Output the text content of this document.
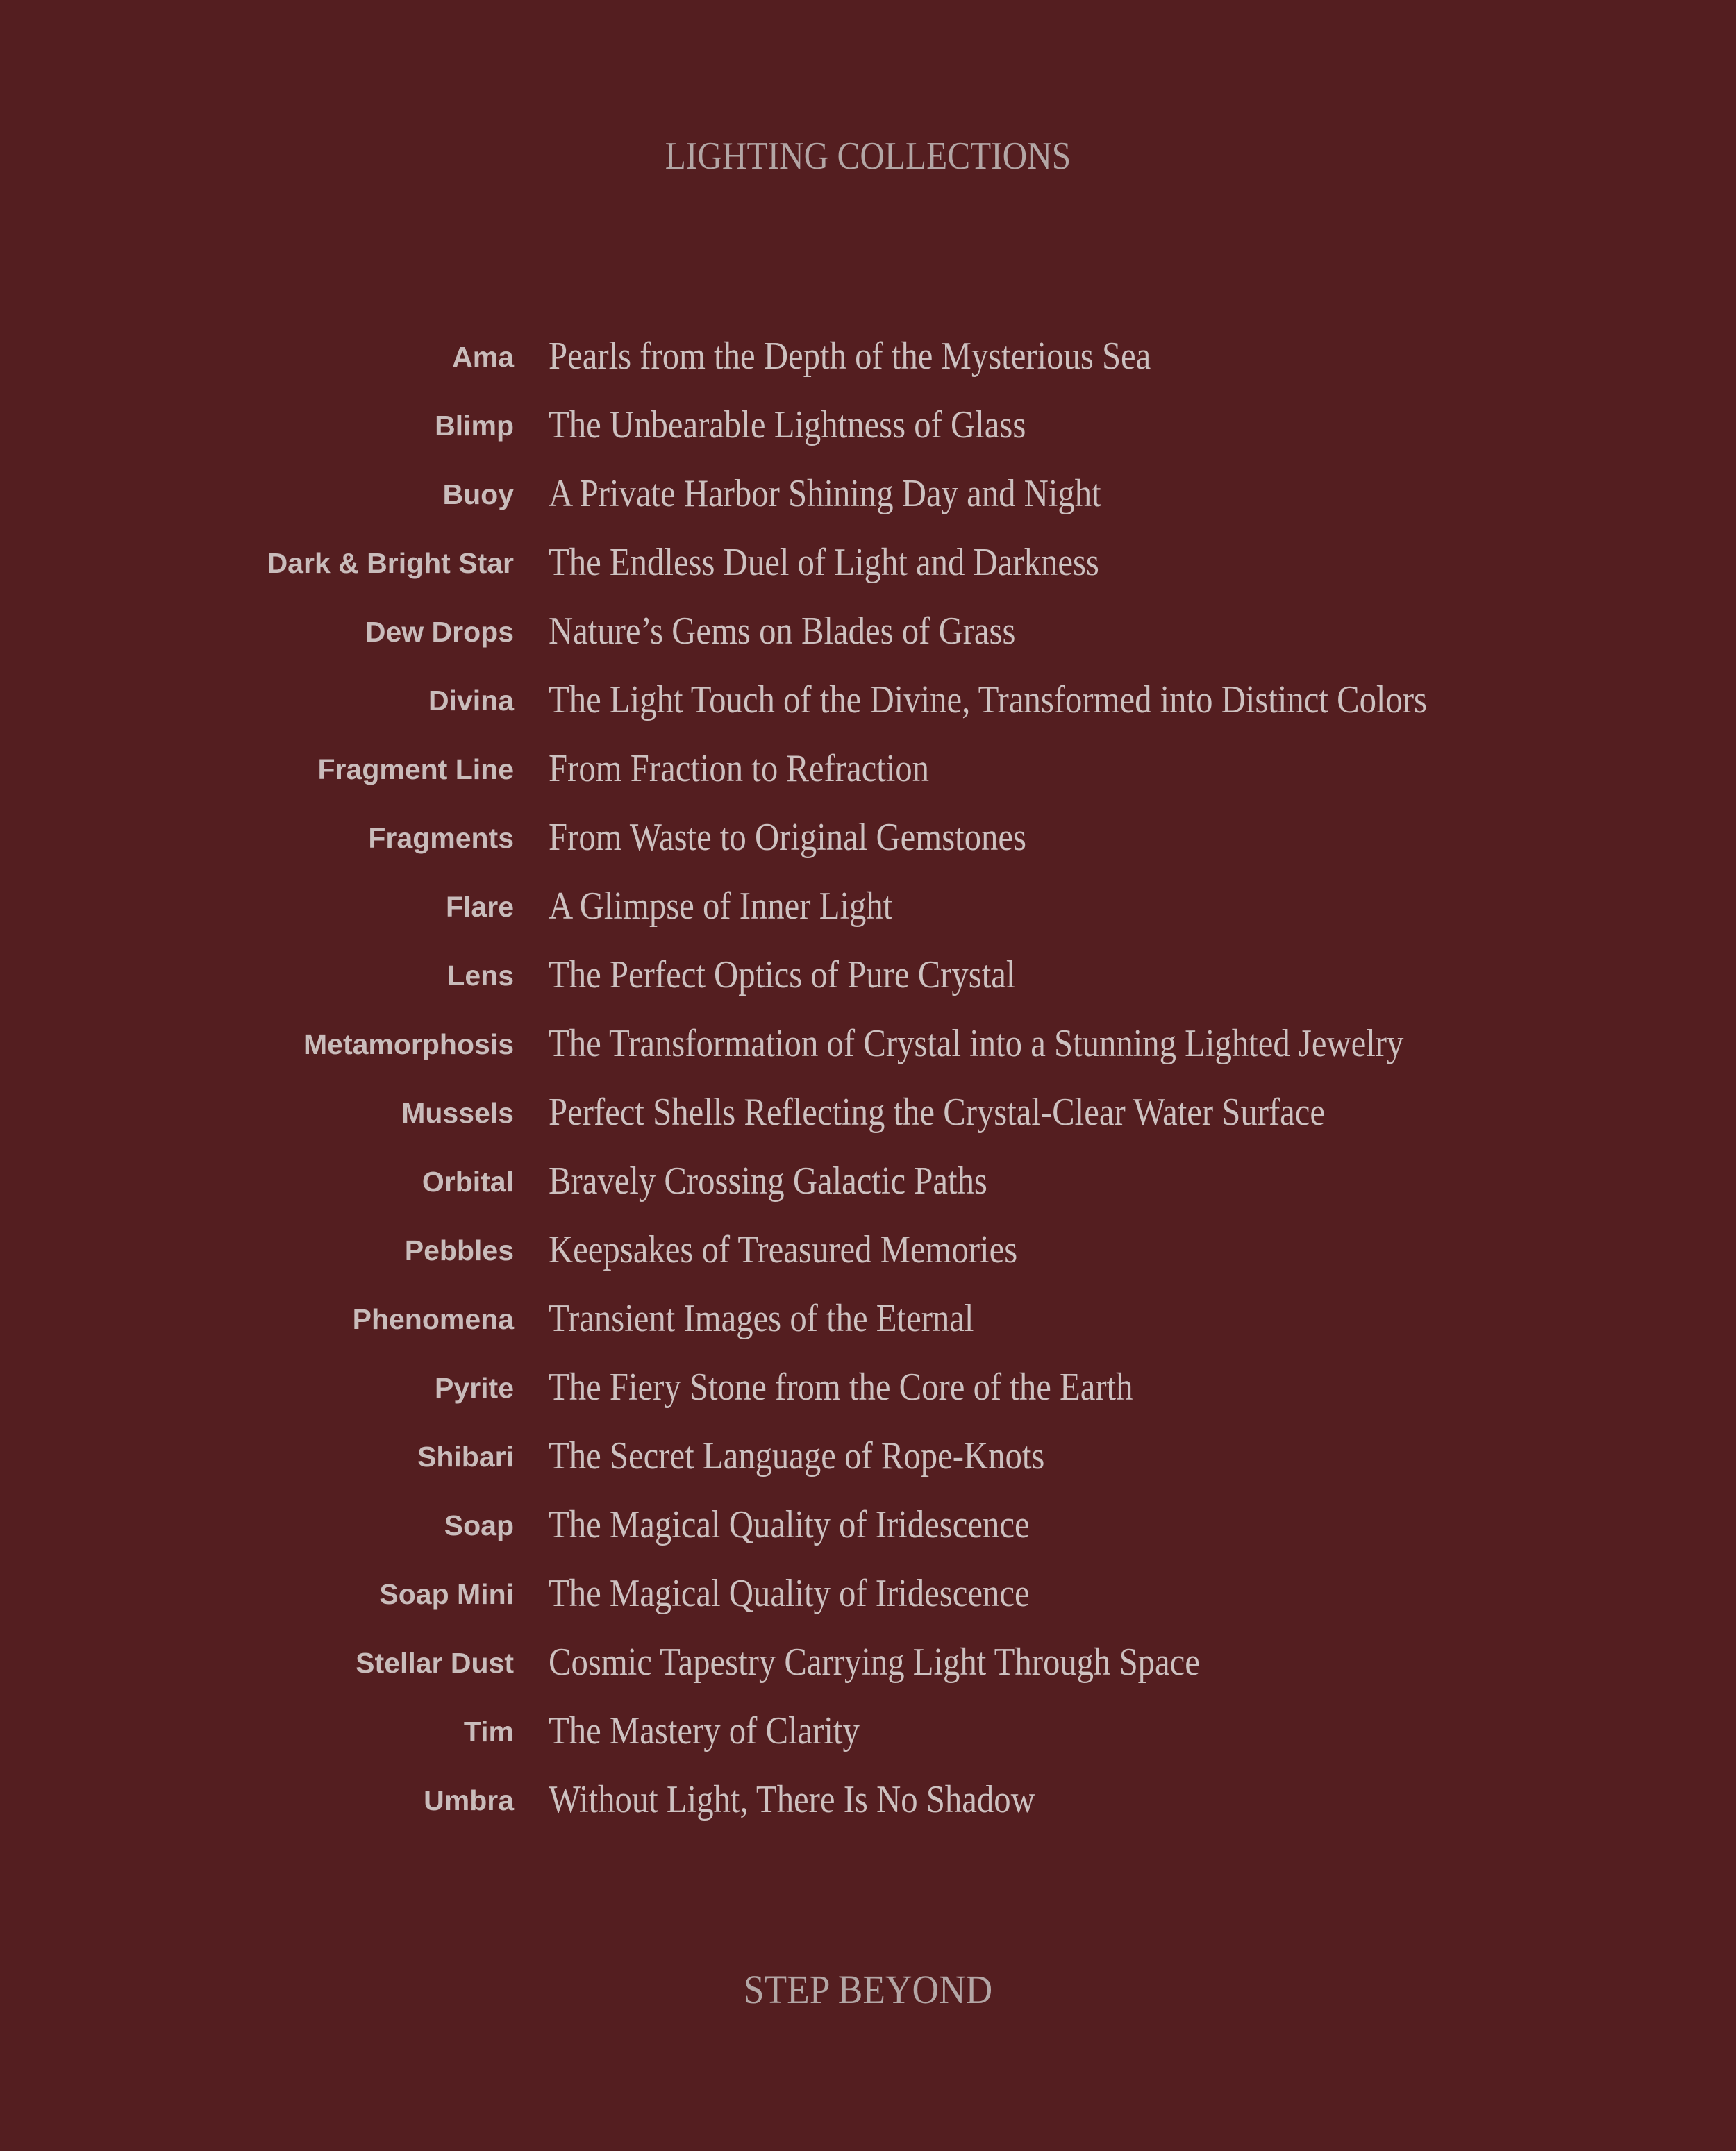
LIGHTING COLLECTIONS
Ama Pearls from the Depth of the Mysterious Sea
Blimp The Unbearable Lightness of Glass
Buoy A Private Harbor Shining Day and Night
Dark & Bright Star The Endless Duel of Light and Darkness
Dew Drops Nature’s Gems on Blades of Grass
Divina The Light Touch of the Divine, Transformed into Distinct Colors
Fragment Line From Fraction to Refraction
Fragments From Waste to Original Gemstones
Flare A Glimpse of Inner Light
Lens The Perfect Optics of Pure Crystal
Metamorphosis The Transformation of Crystal into a Stunning Lighted Jewelry
Mussels Perfect Shells Reflecting the Crystal-Clear Water Surface
Orbital Bravely Crossing Galactic Paths
Pebbles Keepsakes of Treasured Memories
Phenomena Transient Images of the Eternal
Pyrite The Fiery Stone from the Core of the Earth
Shibari The Secret Language of Rope-Knots
Soap The Magical Quality of Iridescence
Soap Mini The Magical Quality of Iridescence
Stellar Dust Cosmic Tapestry Carrying Light Through Space
Tim The Mastery of Clarity
Umbra Without Light, There Is No Shadow
STEP BEYOND
